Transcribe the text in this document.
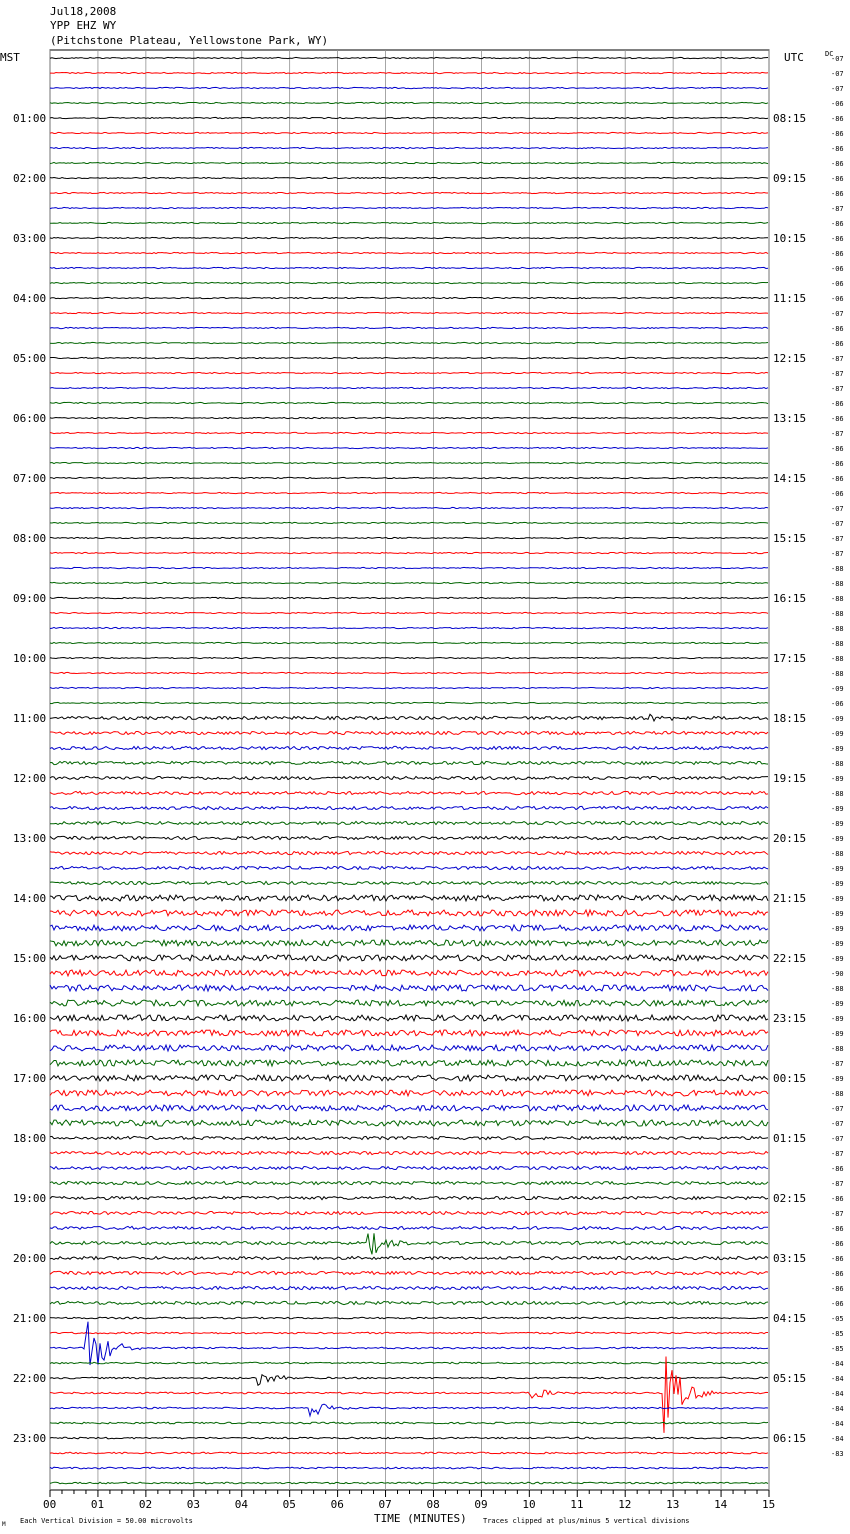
Jul18,2008
YPP EHZ WY
(Pitchstone Plateau, Yellowstone Park, WY)
MST	UTC	DC
TIME (MINUTES)
Each Vertical Division = 50.00 microvolts	Traces clipped at plus/minus 5 vertical divisions
M
00	01	02	03	04	05	06	07	08	09	10	11	12	13	14	15
-07
-07
-07
-06
-86
-86
-86
-86
-86
-86
-87
-86
-86
-86
-06
-06
-06
-07
-86
-86
-87
-87
-87
-86
-86
-87
-86
-86
-86
-06
-07
-07
-87
-87
-88
-88
-88
-88
-88
-88
-88
-88
-09
-06
-09
-09
-89
-88
-89
-88
-89
-89
-89
-88
-89
-89
-89
-89
-89
-89
-89
-90
-88
-89
-89
-89
-88
-87
-89
-88
-07
-07
-07
-87
-86
-87
-86
-87
-86
-86
-86
-86
-86
-06
-05
-85
-85
-84
-84
-84
-84
-84
-84
-83
01:00
02:00
03:00
04:00
05:00
06:00
07:00
08:00
09:00
10:00
11:00
12:00
13:00
14:00
15:00
16:00
17:00
18:00
19:00
20:00
21:00
22:00
23:00
08:15
09:15
10:15
11:15
12:15
13:15
14:15
15:15
16:15
17:15
18:15
19:15
20:15
21:15
22:15
23:15
00:15
01:15
02:15
03:15
04:15
05:15
06:15
